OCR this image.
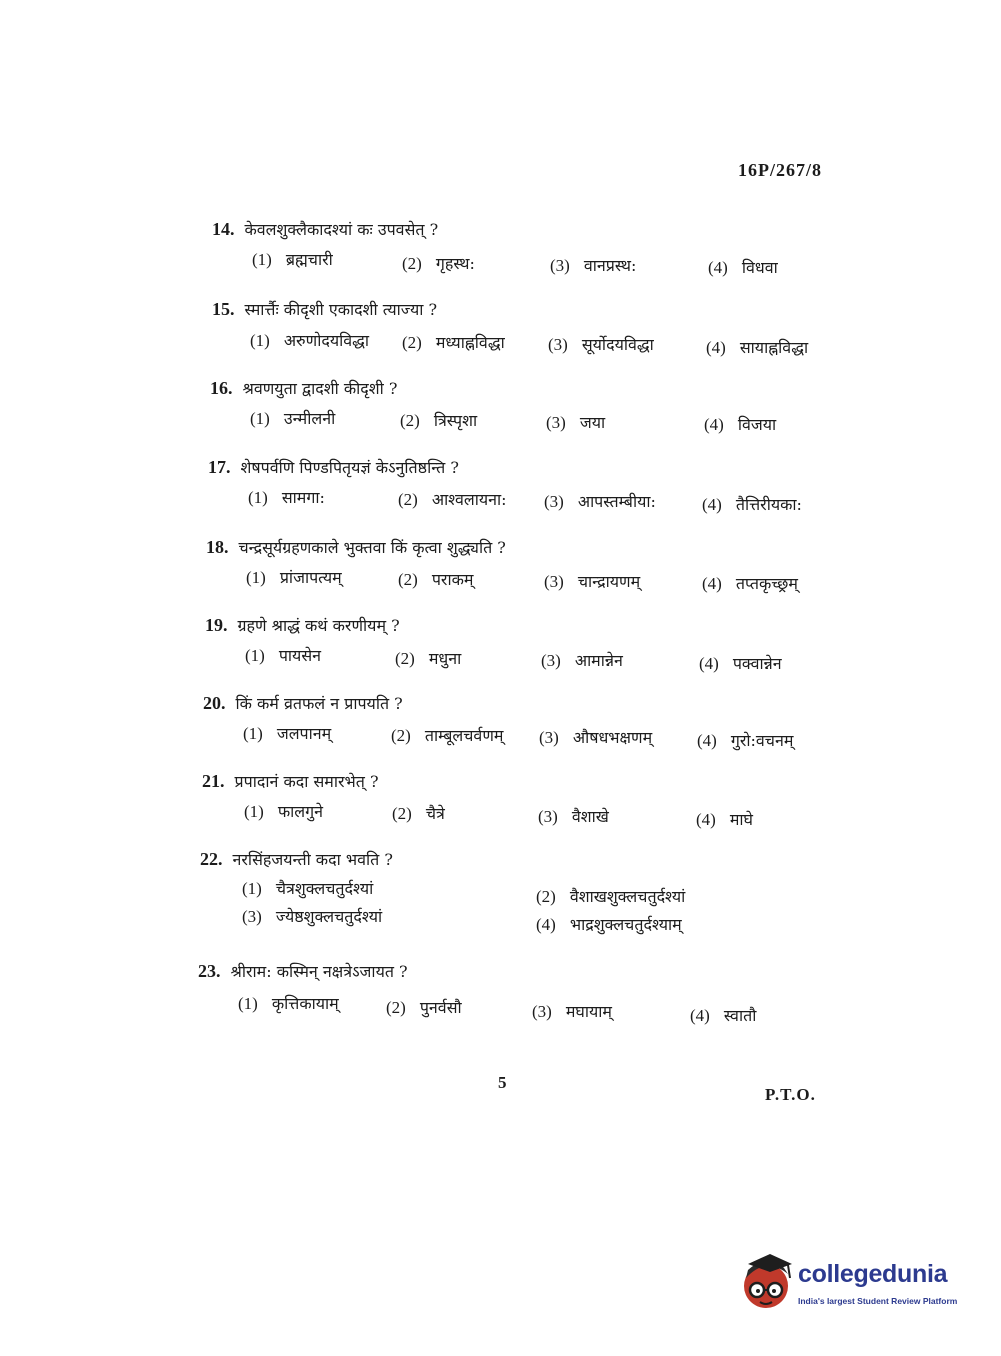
16P/267/8
14. केवलशुक्लैकादश्यां कः उपवसेत् ?
(1) ब्रह्मचारी	(2) गृहस्थ:	(3) वानप्रस्थ:	(4) विधवा
15. स्मार्त्तैः कीदृशी एकादशी त्याज्या ?
(1) अरुणोदयविद्धा (2) मध्याह्नविद्धा	(3) सूर्योदयविद्धा	(4) सायाह्नविद्धा
16. श्रवणयुता द्वादशी कीदृशी ?
(1) उन्मीलनी	(2) त्रिस्पृशा	(3) जया	(4) विजया
17. शेषपर्वणि पिण्डपितृयज्ञं केऽनुतिष्ठन्ति ?
(1) सामगा:	(2) आश्वलायना: (3) आपस्तम्बीया:	(4) तैत्तिरीयका:
18. चन्द्रसूर्यग्रहणकाले भुक्तवा किं कृत्वा शुद्ध्यति ?
(1) प्रांजापत्यम्	(2) पराकम्	(3) चान्द्रायणम्	(4) तप्तकृच्छ्रम्
19. ग्रहणे श्राद्धं कथं करणीयम् ?
(1) पायसेन	(2) मधुना	(3) आमान्नेन	(4) पक्वान्नेन
20. किं कर्म व्रतफलं न प्रापयति ?
(1) जलपानम्	(2) ताम्बूलचर्वणम् (3) औषधभक्षणम्	(4) गुरो:वचनम्
21. प्रपादानं कदा समारभेत् ?
(1) फालगुने	(2) चैत्रे	(3) वैशाखे	(4) माघे
22. नरसिंहजयन्ती कदा भवति ?
(1) चैत्रशुक्लचतुर्दश्यां	(2) वैशाखशुक्लचतुर्दश्यां
(3) ज्येष्ठशुक्लचतुर्दश्यां	(4) भाद्रशुक्लचतुर्दश्याम्
23. श्रीराम: कस्मिन् नक्षत्रेऽजायत ?
(1) कृत्तिकायाम्	(2) पुनर्वसौ	(3) मघायाम्	(4) स्वातौ
5
P.T.O.
collegedunia
India's largest Student Review Platform
